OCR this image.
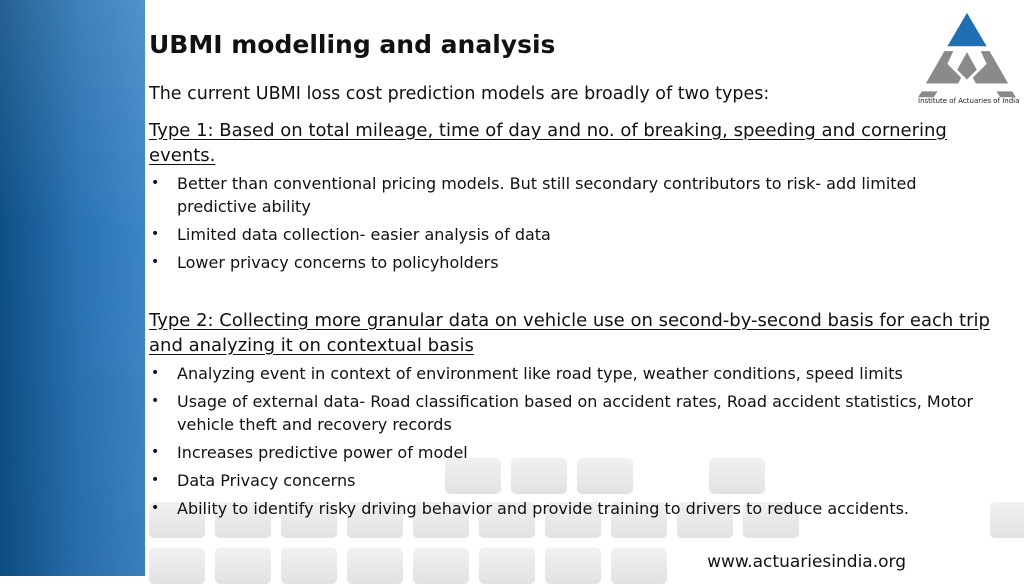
UBMI modelling and analysis

The current UBMI loss cost prediction models are broadly of two types:

Type 1: Based on total mileage, time of day and no. of breaking, speeding and cornering events.

• Better than conventional pricing models. But still secondary contributors to risk- add limited predictive ability
• Limited data collection- easier analysis of data
• Lower privacy concerns to policyholders

Type 2: Collecting more granular data on vehicle use on second-by-second basis for each trip and analyzing it on contextual basis

• Analyzing event in context of environment like road type, weather conditions, speed limits
• Usage of external data- Road classification based on accident rates, Road accident statistics, Motor vehicle theft and recovery records
• Increases predictive power of model
• Data Privacy concerns
• Ability to identify risky driving behavior and provide training to drivers to reduce accidents.
Institute of Actuaries of India
www.actuariesindia.org
